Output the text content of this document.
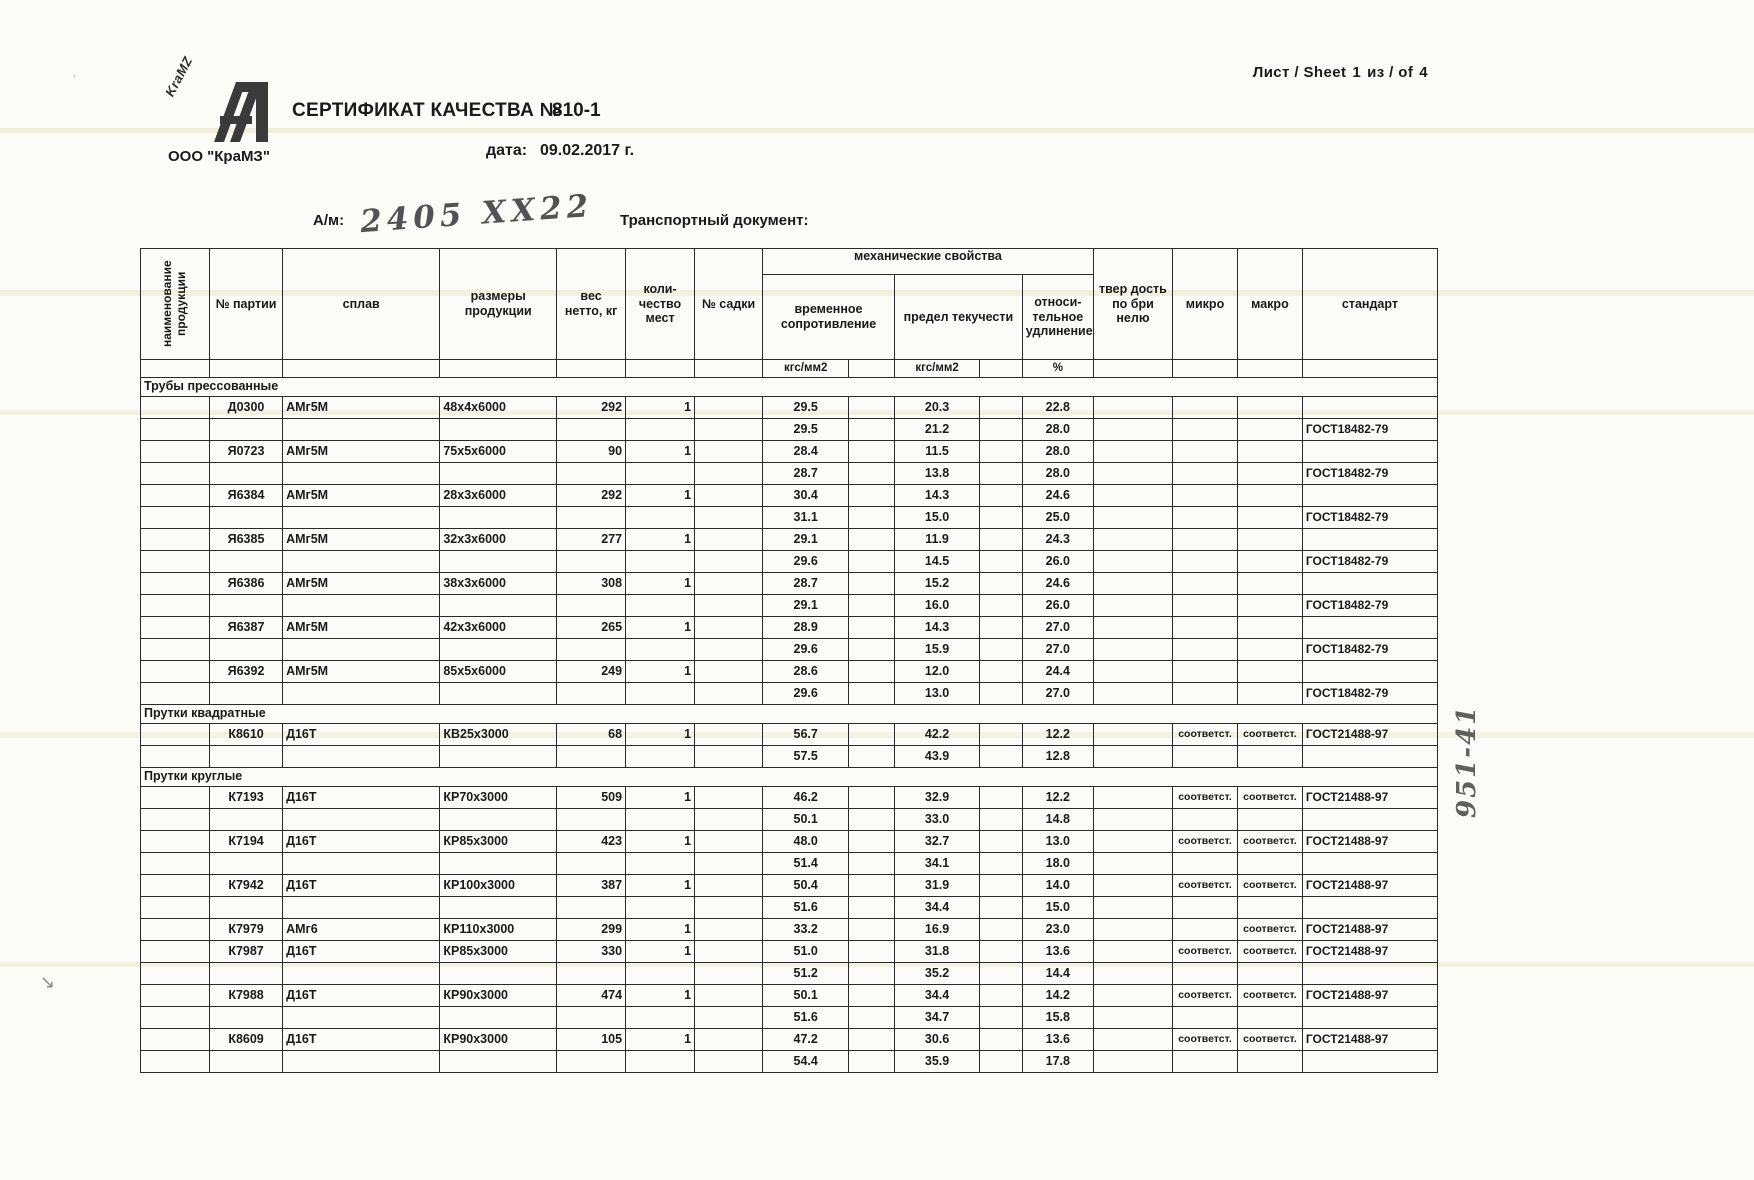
˒
↘
Лист / Sheet 1 из / of 4
KraMZ
ООО "КраМЗ"
СЕРТИФИКАТ КАЧЕСТВА №
810-1
дата: 09.02.2017 г.
А/м: 2405 XX22 Транспортный документ:
951-41
наименование продукции	№ партии	сплав	размеры продукции	вес нетто, кг	коли-чество мест	№ садки	механические свойства					твер дость по бри нелю	микро	макро	стандарт

							временное сопротивление		предел текучести		относи-тельное удлинение				

							кгс/мм2		кгс/мм2		%				
Трубы прессованные															
	Д0300	АМг5М	48x4x6000	292	1		29.5		20.3		22.8				
							29.5		21.2		28.0				ГОСТ18482-79
	Я0723	АМг5М	75x5x6000	90	1		28.4		11.5		28.0				
							28.7		13.8		28.0				ГОСТ18482-79
	Я6384	АМг5М	28x3x6000	292	1		30.4		14.3		24.6				
							31.1		15.0		25.0				ГОСТ18482-79
	Я6385	АМг5М	32x3x6000	277	1		29.1		11.9		24.3				
							29.6		14.5		26.0				ГОСТ18482-79
	Я6386	АМг5М	38x3x6000	308	1		28.7		15.2		24.6				
							29.1		16.0		26.0				ГОСТ18482-79
	Я6387	АМг5М	42x3x6000	265	1		28.9		14.3		27.0				
							29.6		15.9		27.0				ГОСТ18482-79
	Я6392	АМг5М	85x5x6000	249	1		28.6		12.0		24.4				
							29.6		13.0		27.0				ГОСТ18482-79
Прутки квадратные															
	К8610	Д16Т	КВ25х3000	68	1		56.7		42.2		12.2		соответст.	соответст.	ГОСТ21488-97
							57.5		43.9		12.8				
Прутки круглые															
	К7193	Д16Т	КР70х3000	509	1		46.2		32.9		12.2		соответст.	соответст.	ГОСТ21488-97
							50.1		33.0		14.8				
	К7194	Д16Т	КР85х3000	423	1		48.0		32.7		13.0		соответст.	соответст.	ГОСТ21488-97
							51.4		34.1		18.0				
	К7942	Д16Т	КР100х3000	387	1		50.4		31.9		14.0		соответст.	соответст.	ГОСТ21488-97
							51.6		34.4		15.0				
	К7979	АМг6	КР110х3000	299	1		33.2		16.9		23.0			соответст.	ГОСТ21488-97
	К7987	Д16Т	КР85х3000	330	1		51.0		31.8		13.6		соответст.	соответст.	ГОСТ21488-97
							51.2		35.2		14.4				
	К7988	Д16Т	КР90х3000	474	1		50.1		34.4		14.2		соответст.	соответст.	ГОСТ21488-97
							51.6		34.7		15.8				
	К8609	Д16Т	КР90х3000	105	1		47.2		30.6		13.6		соответст.	соответст.	ГОСТ21488-97
							54.4		35.9		17.8				
